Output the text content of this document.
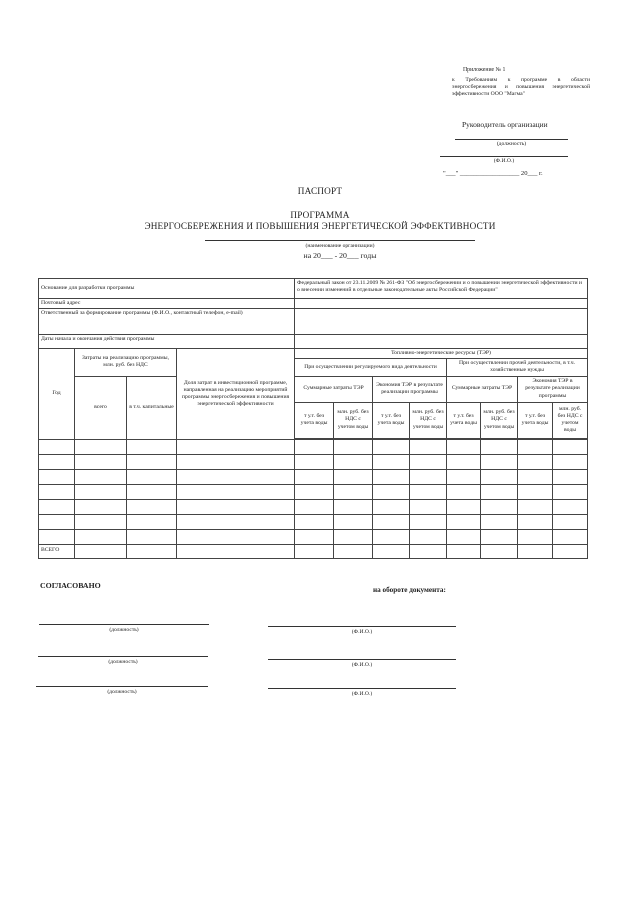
Приложение № 1
к Требованиям к программе в области энергосбережения и повышения энергетической эффективности ООО "Магма"
Руководитель организации
(должность)
(Ф.И.О.)
"___" __________________ 20___ г.
ПАСПОРТ
ПРОГРАММА
ЭНЕРГОСБЕРЕЖЕНИЯ И ПОВЫШЕНИЯ ЭНЕРГЕТИЧЕСКОЙ ЭФФЕКТИВНОСТИ
(наименование организации)
на 20___ - 20___ годы
Основание для разработки программы				Федеральный закон от 23.11.2009 № 261-ФЗ "Об энергосбережении и о повышении энергетической эффективности и о внесении изменений в отдельные законодательные акты Российской Федерации"							
Почтовый адрес											
Ответственный за формирование программы (Ф.И.О., контактный телефон, e-mail)											
Даты начала и окончания действия программы											
Год	Затраты на реализацию программы, млн. руб. без НДС		Доля затрат в инвестиционной программе, направленная на реализацию мероприятий программы энергосбережения и повышения энергетической эффективности	Топливно-энергетические ресурсы (ТЭР)							
				При осуществлении регулируемого вида деятельности				При осуществлении прочей деятельности, в т.ч. хозяйственные нужды			
	всего	в т.ч. капитальные		Суммарные затраты ТЭР		Экономия ТЭР в результате реализации программы		Суммарные затраты ТЭР		Экономия ТЭР в результате реализации программы	
				т у.т. без учета воды	млн. руб. без НДС с учетом воды	т у.т. без учета воды	млн. руб. без НДС с учетом воды	т у.т. без учета воды	млн. руб. без НДС с учетом воды	т у.т. без учета воды	млн. руб. без НДС с учетом воды

ВСЕГО											
СОГЛАСОВАНО	на обороте документа:
(должность)	(Ф.И.О.)
(должность)	(Ф.И.О.)
(должность)	(Ф.И.О.)
